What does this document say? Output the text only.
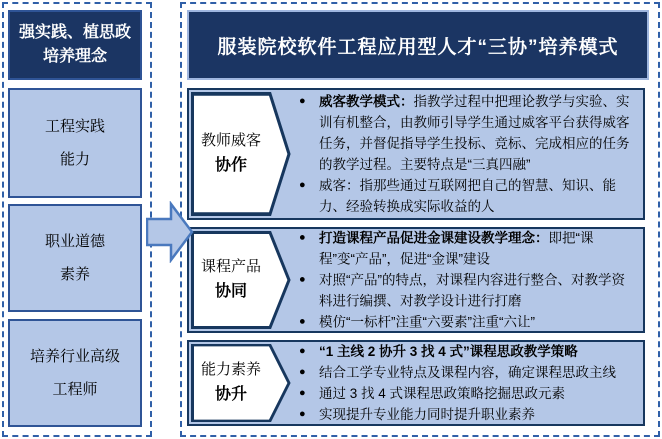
强实践、植思政
培养理念
工程实践
能力
职业道德
素养
培养行业高级
工程师
服装院校软件工程应用型人才“三协”培养模式
教师威客
协作
● 威客教学模式：指教学过程中把理论教学与实验、实训有机整合，由教师引导学生通过威客平台获得威客任务，并督促指导学生投标、竞标、完成相应的任务的教学过程。主要特点是“三真四融”
● 威客：指那些通过互联网把自己的智慧、知识、能力、经验转换成实际收益的人
课程产品
协同
● 打造课程产品促进金课建设教学理念：即把“课程”变“产品”，促进“金课”建设
● 对照“产品”的特点，对课程内容进行整合、对教学资料进行编撰、对教学设计进行打磨
● 模仿“一标杆”注重“六要素”注重“六让”
能力素养
协升
● “1 主线 2 协升 3 找 4 式”课程思政教学策略
● 结合工学专业特点及课程内容，确定课程思政主线
● 通过 3 找 4 式课程思政策略挖掘思政元素
● 实现提升专业能力同时提升职业素养
